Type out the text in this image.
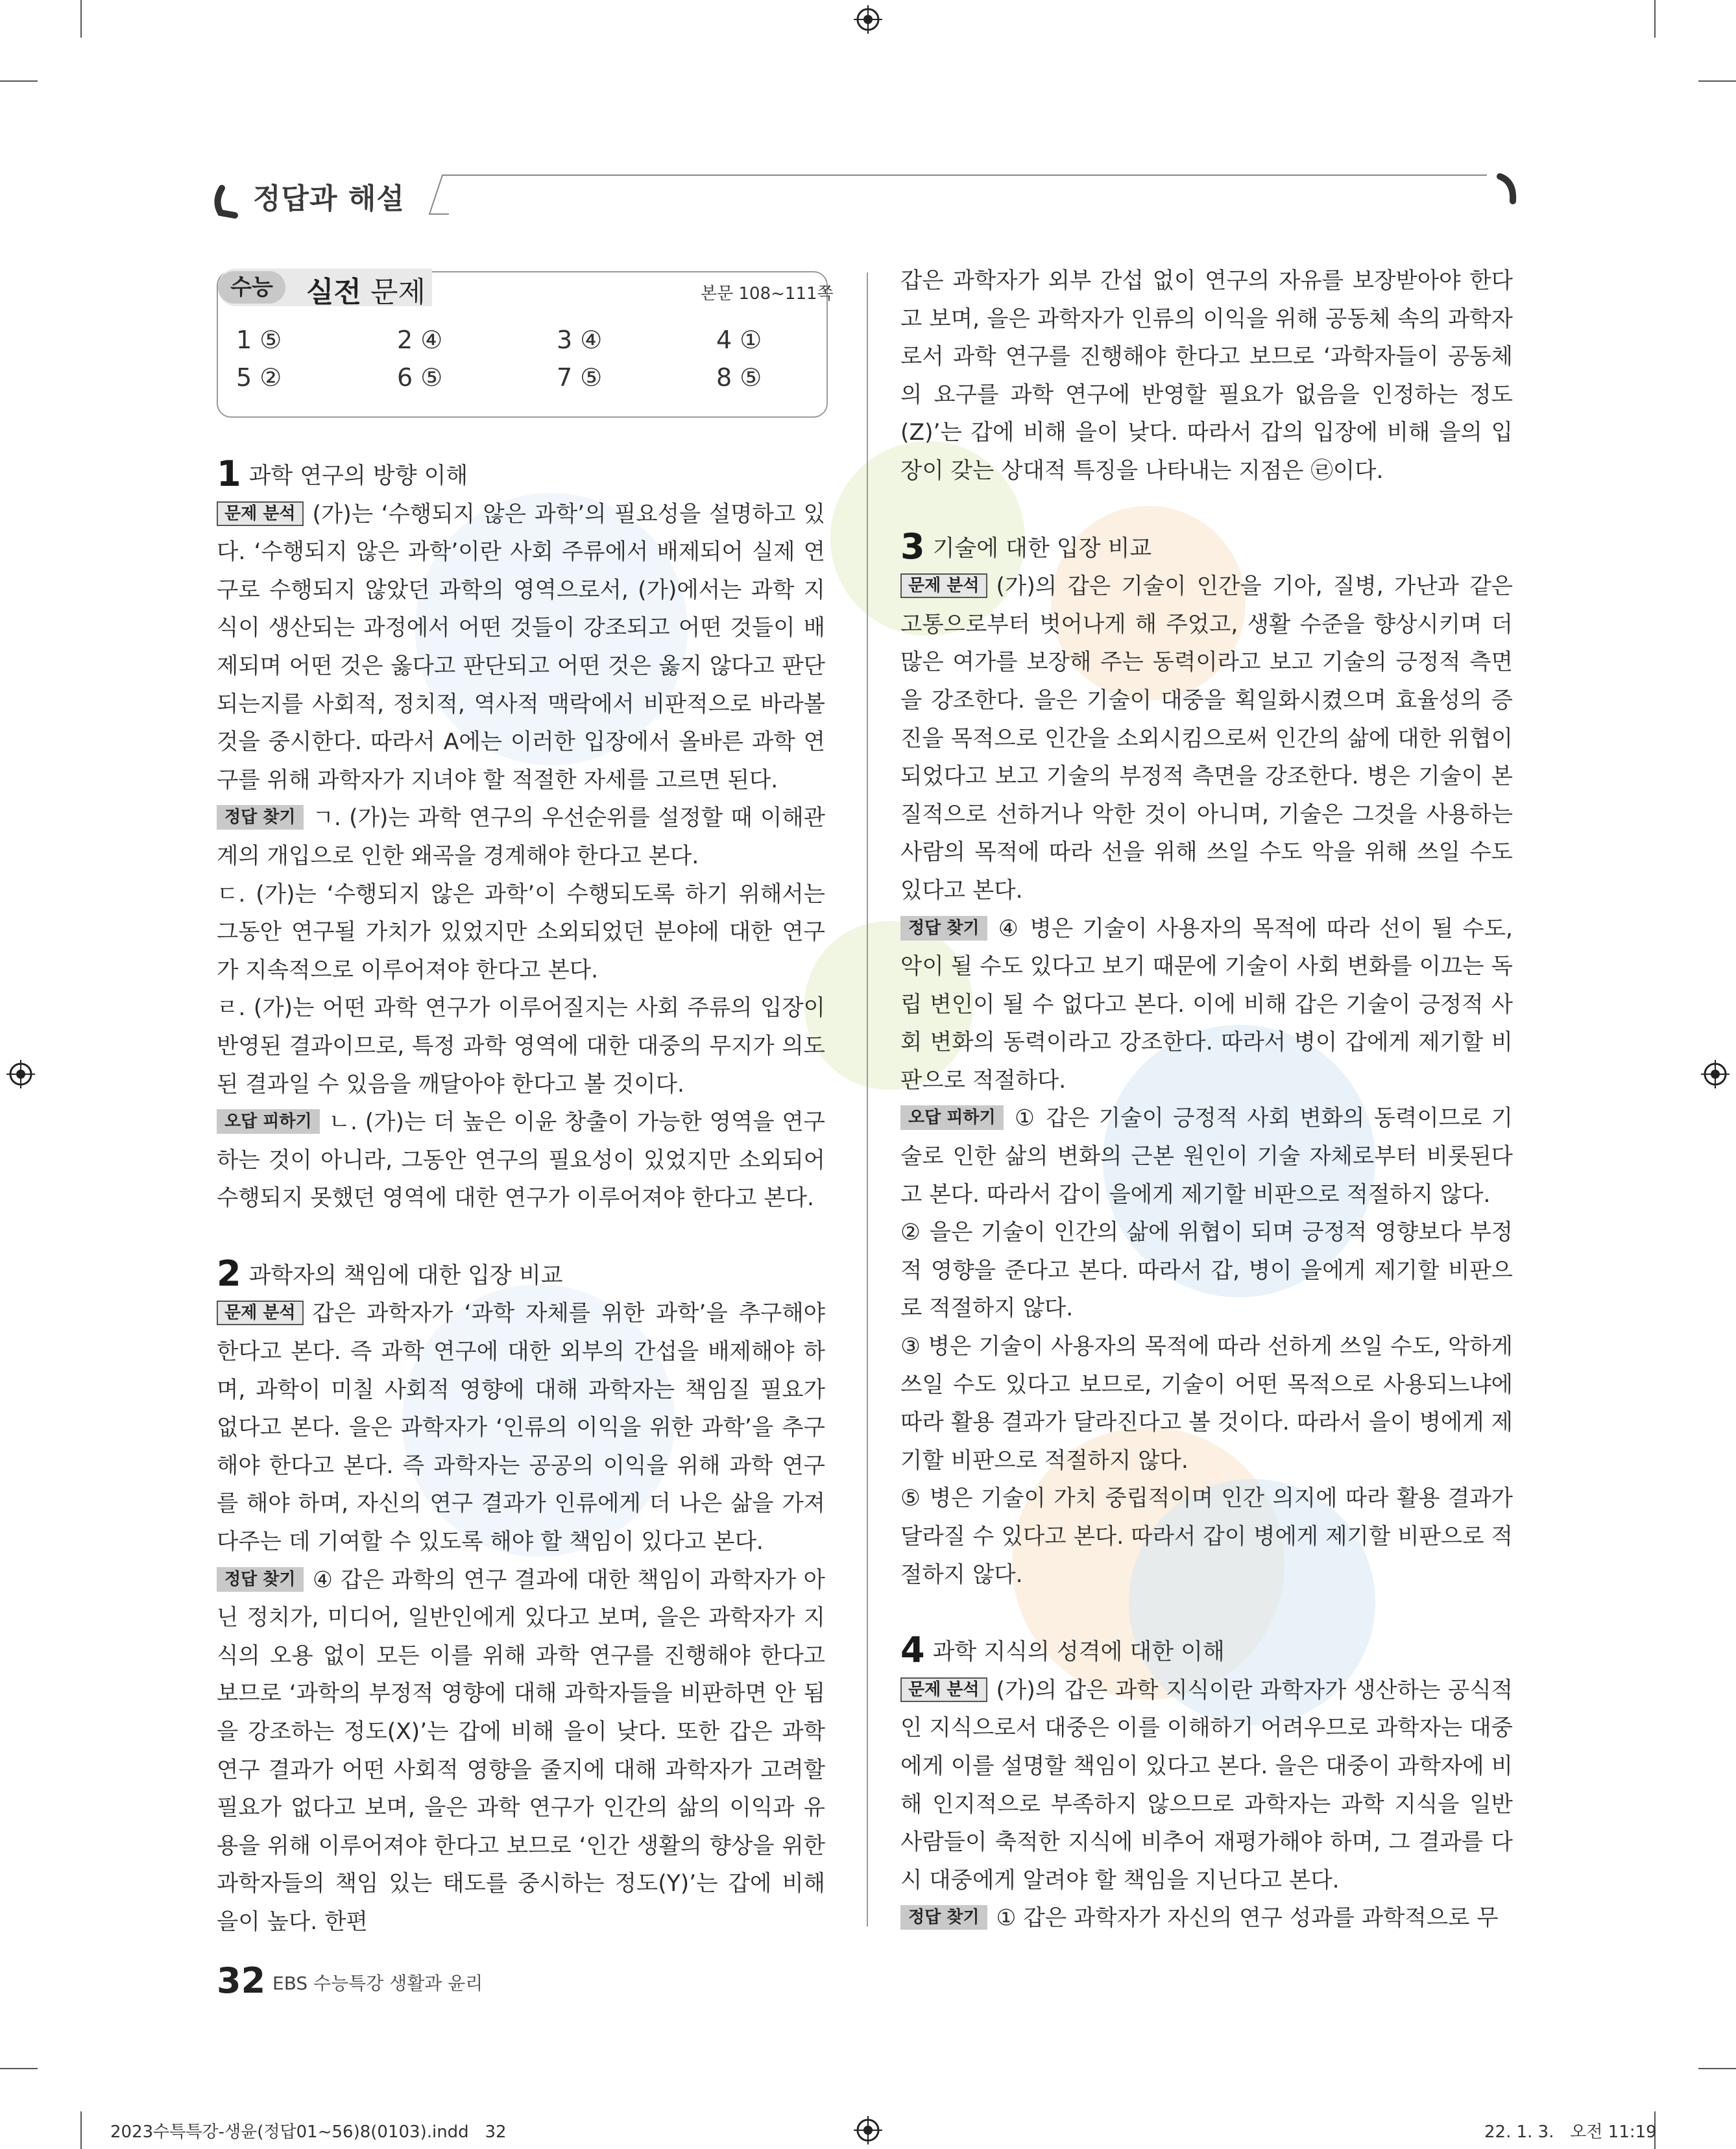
정답과 해설
수능	실전 문제	본문 108~111쪽
1 ⑤	2 ④	3 ④	4 ①
5 ②	6 ⑤	7 ⑤	8 ⑤

1 과학 연구의 방향 이해

문제 분석 (가)는 ‘수행되지 않은 과학’의 필요성을 설명하고 있다. ‘수행되지 않은 과학’이란 사회 주류에서 배제되어 실제 연구로 수행되지 않았던 과학의 영역으로서, (가)에서는 과학 지식이 생산되는 과정에서 어떤 것들이 강조되고 어떤 것들이 배제되며 어떤 것은 옳다고 판단되고 어떤 것은 옳지 않다고 판단되는지를 사회적, 정치적, 역사적 맥락에서 비판적으로 바라볼 것을 중시한다. 따라서 A에는 이러한 입장에서 올바른 과학 연구를 위해 과학자가 지녀야 할 적절한 자세를 고르면 된다.

정답 찾기 ㄱ. (가)는 과학 연구의 우선순위를 설정할 때 이해관계의 개입으로 인한 왜곡을 경계해야 한다고 본다.

ㄷ. (가)는 ‘수행되지 않은 과학’이 수행되도록 하기 위해서는 그동안 연구될 가치가 있었지만 소외되었던 분야에 대한 연구가 지속적으로 이루어져야 한다고 본다.

ㄹ. (가)는 어떤 과학 연구가 이루어질지는 사회 주류의 입장이 반영된 결과이므로, 특정 과학 영역에 대한 대중의 무지가 의도된 결과일 수 있음을 깨달아야 한다고 볼 것이다.

오답 피하기 ㄴ. (가)는 더 높은 이윤 창출이 가능한 영역을 연구하는 것이 아니라, 그동안 연구의 필요성이 있었지만 소외되어 수행되지 못했던 영역에 대한 연구가 이루어져야 한다고 본다.

2 과학자의 책임에 대한 입장 비교

문제 분석 갑은 과학자가 ‘과학 자체를 위한 과학’을 추구해야 한다고 본다. 즉 과학 연구에 대한 외부의 간섭을 배제해야 하며, 과학이 미칠 사회적 영향에 대해 과학자는 책임질 필요가 없다고 본다. 을은 과학자가 ‘인류의 이익을 위한 과학’을 추구해야 한다고 본다. 즉 과학자는 공공의 이익을 위해 과학 연구를 해야 하며, 자신의 연구 결과가 인류에게 더 나은 삶을 가져다주는 데 기여할 수 있도록 해야 할 책임이 있다고 본다.

정답 찾기 ④ 갑은 과학의 연구 결과에 대한 책임이 과학자가 아닌 정치가, 미디어, 일반인에게 있다고 보며, 을은 과학자가 지식의 오용 없이 모든 이를 위해 과학 연구를 진행해야 한다고 보므로 ‘과학의 부정적 영향에 대해 과학자들을 비판하면 안 됨을 강조하는 정도(X)’는 갑에 비해 을이 낮다. 또한 갑은 과학 연구 결과가 어떤 사회적 영향을 줄지에 대해 과학자가 고려할 필요가 없다고 보며, 을은 과학 연구가 인간의 삶의 이익과 유용을 위해 이루어져야 한다고 보므로 ‘인간 생활의 향상을 위한 과학자들의 책임 있는 태도를 중시하는 정도(Y)’는 갑에 비해 을이 높다. 한편

갑은 과학자가 외부 간섭 없이 연구의 자유를 보장받아야 한다고 보며, 을은 과학자가 인류의 이익을 위해 공동체 속의 과학자로서 과학 연구를 진행해야 한다고 보므로 ‘과학자들이 공동체의 요구를 과학 연구에 반영할 필요가 없음을 인정하는 정도(Z)’는 갑에 비해 을이 낮다. 따라서 갑의 입장에 비해 을의 입장이 갖는 상대적 특징을 나타내는 지점은 ㉣이다.

3 기술에 대한 입장 비교

문제 분석 (가)의 갑은 기술이 인간을 기아, 질병, 가난과 같은 고통으로부터 벗어나게 해 주었고, 생활 수준을 향상시키며 더 많은 여가를 보장해 주는 동력이라고 보고 기술의 긍정적 측면을 강조한다. 을은 기술이 대중을 획일화시켰으며 효율성의 증진을 목적으로 인간을 소외시킴으로써 인간의 삶에 대한 위협이 되었다고 보고 기술의 부정적 측면을 강조한다. 병은 기술이 본질적으로 선하거나 악한 것이 아니며, 기술은 그것을 사용하는 사람의 목적에 따라 선을 위해 쓰일 수도 악을 위해 쓰일 수도 있다고 본다.

정답 찾기 ④ 병은 기술이 사용자의 목적에 따라 선이 될 수도, 악이 될 수도 있다고 보기 때문에 기술이 사회 변화를 이끄는 독립 변인이 될 수 없다고 본다. 이에 비해 갑은 기술이 긍정적 사회 변화의 동력이라고 강조한다. 따라서 병이 갑에게 제기할 비판으로 적절하다.

오답 피하기 ① 갑은 기술이 긍정적 사회 변화의 동력이므로 기술로 인한 삶의 변화의 근본 원인이 기술 자체로부터 비롯된다고 본다. 따라서 갑이 을에게 제기할 비판으로 적절하지 않다.

② 을은 기술이 인간의 삶에 위협이 되며 긍정적 영향보다 부정적 영향을 준다고 본다. 따라서 갑, 병이 을에게 제기할 비판으로 적절하지 않다.

③ 병은 기술이 사용자의 목적에 따라 선하게 쓰일 수도, 악하게 쓰일 수도 있다고 보므로, 기술이 어떤 목적으로 사용되느냐에 따라 활용 결과가 달라진다고 볼 것이다. 따라서 을이 병에게 제기할 비판으로 적절하지 않다.

⑤ 병은 기술이 가치 중립적이며 인간 의지에 따라 활용 결과가 달라질 수 있다고 본다. 따라서 갑이 병에게 제기할 비판으로 적절하지 않다.

4 과학 지식의 성격에 대한 이해

문제 분석 (가)의 갑은 과학 지식이란 과학자가 생산하는 공식적인 지식으로서 대중은 이를 이해하기 어려우므로 과학자는 대중에게 이를 설명할 책임이 있다고 본다. 을은 대중이 과학자에 비해 인지적으로 부족하지 않으므로 과학자는 과학 지식을 일반 사람들이 축적한 지식에 비추어 재평가해야 하며, 그 결과를 다시 대중에게 알려야 할 책임을 지닌다고 본다.

정답 찾기 ① 갑은 과학자가 자신의 연구 성과를 과학적으로 무

32 EBS 수능특강 생활과 윤리
2023수특특강-생윤(정답01~56)8(0103).indd   32	22. 1. 3.   오전 11:19
